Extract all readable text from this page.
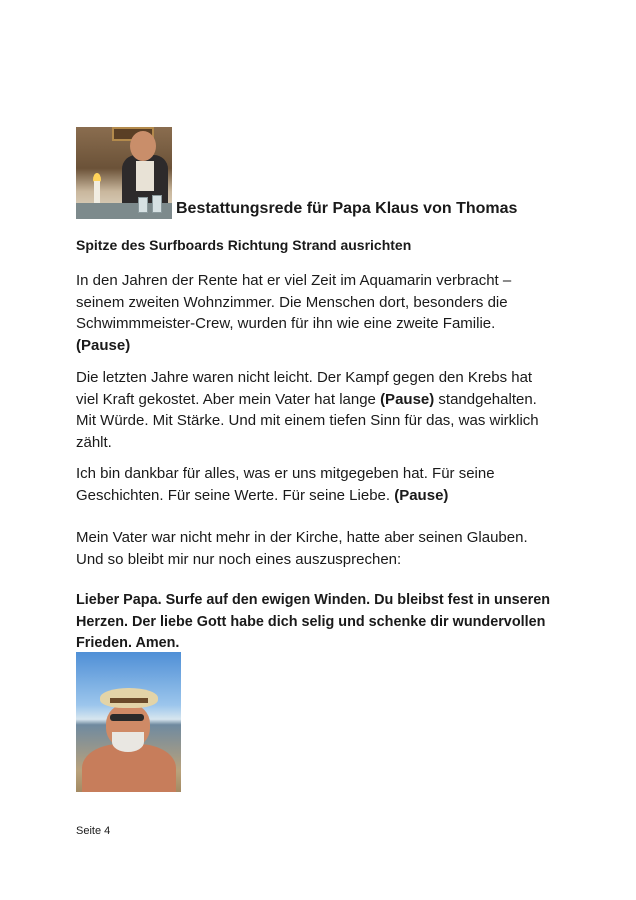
Bestattungsrede für Papa Klaus von Thomas
Spitze des Surfboards Richtung Strand ausrichten

In den Jahren der Rente hat er viel Zeit im Aquamarin verbracht – seinem zweiten Wohnzimmer. Die Menschen dort, besonders die Schwimmmeister-Crew, wurden für ihn wie eine zweite Familie.
(Pause)

Die letzten Jahre waren nicht leicht. Der Kampf gegen den Krebs hat viel Kraft gekostet. Aber mein Vater hat lange (Pause) standgehalten. Mit Würde. Mit Stärke. Und mit einem tiefen Sinn für das, was wirklich zählt.

Ich bin dankbar für alles, was er uns mitgegeben hat. Für seine Geschichten. Für seine Werte. Für seine Liebe. (Pause)

Mein Vater war nicht mehr in der Kirche, hatte aber seinen Glauben. Und so bleibt mir nur noch eines auszusprechen:

Lieber Papa. Surfe auf den ewigen Winden. Du bleibst fest in unseren Herzen. Der liebe Gott habe dich selig und schenke dir wundervollen Frieden. Amen.

Seite 4
